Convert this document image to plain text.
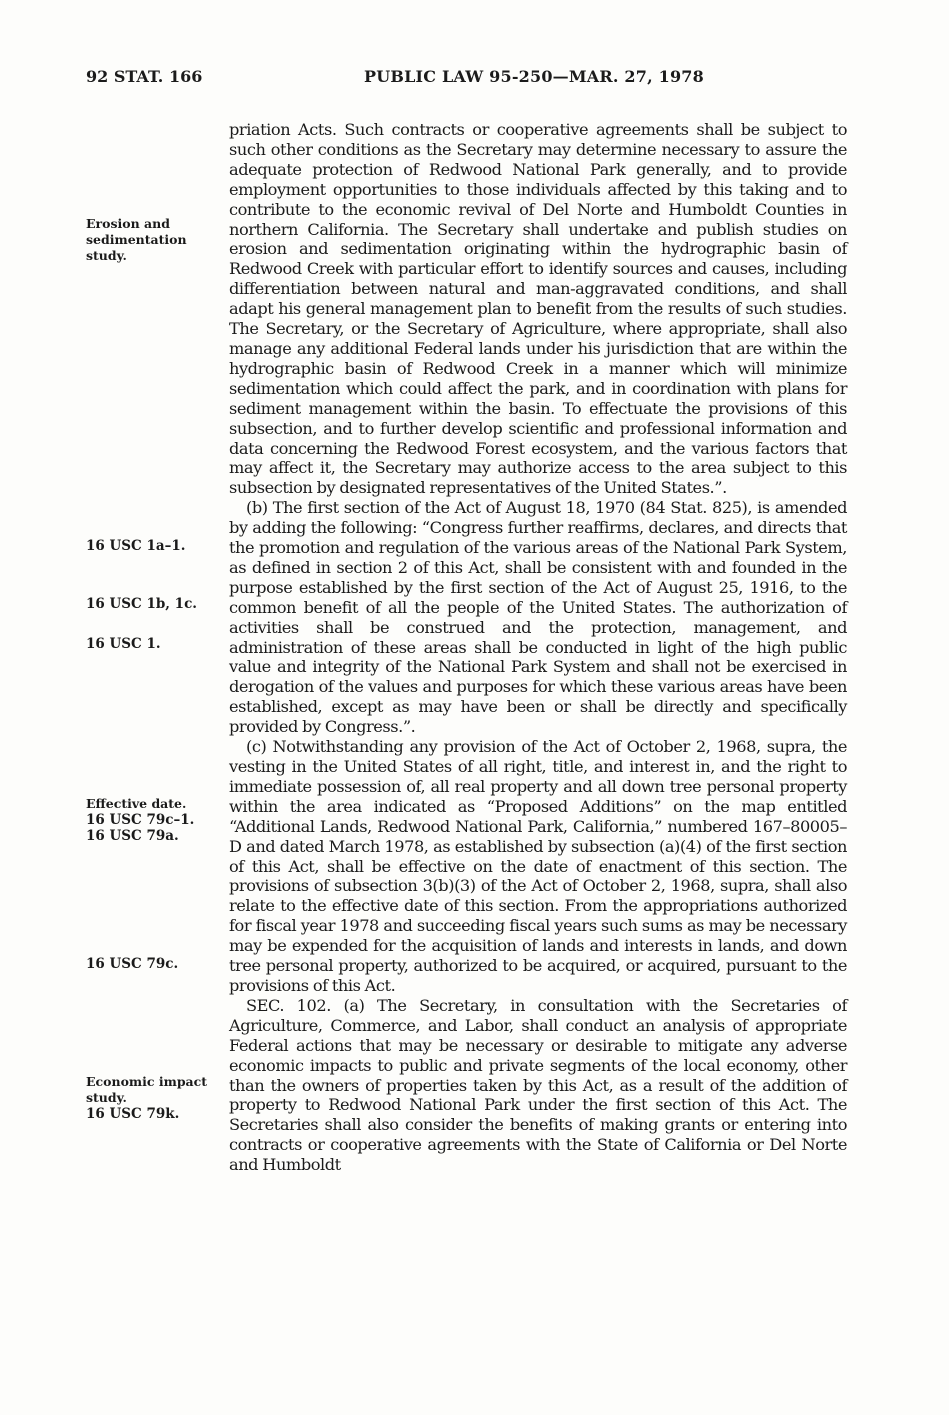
92 STAT. 166	PUBLIC LAW 95-250—MAR. 27, 1978
Erosion and
sedimentation
study.
16 USC 1a–1.
16 USC 1b, 1c.
16 USC 1.
Effective date.
16 USC 79c–1.
16 USC 79a.
16 USC 79c.
Economic impact
study.
16 USC 79k.

priation Acts. Such contracts or cooperative agreements shall be subject to such other conditions as the Secretary may determine necessary to assure the adequate protection of Redwood National Park generally, and to provide employment opportunities to those individuals affected by this taking and to contribute to the economic revival of Del Norte and Humboldt Counties in northern California. The Secretary shall undertake and publish studies on erosion and sedimentation originating within the hydrographic basin of Redwood Creek with particular effort to identify sources and causes, including differentiation between natural and man-aggravated conditions, and shall adapt his general management plan to benefit from the results of such studies. The Secretary, or the Secretary of Agriculture, where appropriate, shall also manage any additional Federal lands under his jurisdiction that are within the hydrographic basin of Redwood Creek in a manner which will minimize sedimentation which could affect the park, and in coordination with plans for sediment management within the basin. To effectuate the provisions of this subsection, and to further develop scientific and professional information and data concerning the Redwood Forest ecosystem, and the various factors that may affect it, the Secretary may authorize access to the area subject to this subsection by designated representatives of the United States.”.

(b) The first section of the Act of August 18, 1970 (84 Stat. 825), is amended by adding the following: “Congress further reaffirms, declares, and directs that the promotion and regulation of the various areas of the National Park System, as defined in section 2 of this Act, shall be consistent with and founded in the purpose established by the first section of the Act of August 25, 1916, to the common benefit of all the people of the United States. The authorization of activities shall be construed and the protection, management, and administration of these areas shall be conducted in light of the high public value and integrity of the National Park System and shall not be exercised in derogation of the values and purposes for which these various areas have been established, except as may have been or shall be directly and specifically provided by Congress.”.

(c) Notwithstanding any provision of the Act of October 2, 1968, supra, the vesting in the United States of all right, title, and interest in, and the right to immediate possession of, all real property and all down tree personal property within the area indicated as “Proposed Additions” on the map entitled “Additional Lands, Redwood National Park, California,” numbered 167–80005–D and dated March 1978, as established by subsection (a)(4) of the first section of this Act, shall be effective on the date of enactment of this section. The provisions of subsection 3(b)(3) of the Act of October 2, 1968, supra, shall also relate to the effective date of this section. From the appropriations authorized for fiscal year 1978 and succeeding fiscal years such sums as may be necessary may be expended for the acquisition of lands and interests in lands, and down tree personal property, authorized to be acquired, or acquired, pursuant to the provisions of this Act.

SEC. 102. (a) The Secretary, in consultation with the Secretaries of Agriculture, Commerce, and Labor, shall conduct an analysis of appropriate Federal actions that may be necessary or desirable to mitigate any adverse economic impacts to public and private segments of the local economy, other than the owners of properties taken by this Act, as a result of the addition of property to Redwood National Park under the first section of this Act. The Secretaries shall also consider the benefits of making grants or entering into contracts or cooperative agreements with the State of California or Del Norte and Humboldt
